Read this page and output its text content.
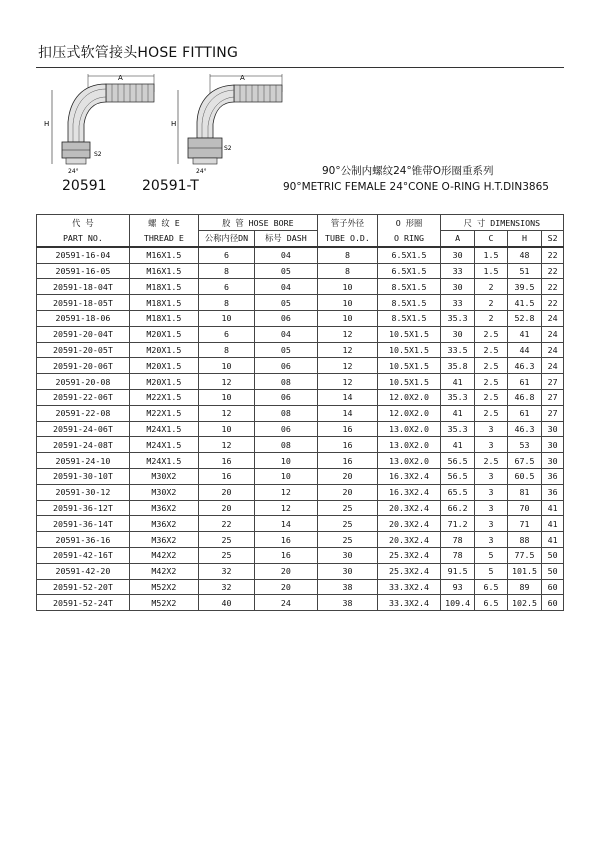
扣压式软管接头HOSE FITTING
A
H
24°
S2
20591
A
H
24°
S2
20591-T
90°公制内螺纹24°锥带O形圈重系列
90°METRIC FEMALE 24°CONE O-RING H.T.DIN3865
代 号	螺 纹 E	胶 管 HOSE BORE		管子外径	O 形圈	尺 寸 DIMENSIONS			
PART NO.	THREAD E	公称内径DN	标号 DASH	TUBE O.D.	O RING	A	C	H	S2
20591-16-04	M16X1.5	6	04	8	6.5X1.5	30	1.5	48	22
20591-16-05	M16X1.5	8	05	8	6.5X1.5	33	1.5	51	22
20591-18-04T	M18X1.5	6	04	10	8.5X1.5	30	2	39.5	22
20591-18-05T	M18X1.5	8	05	10	8.5X1.5	33	2	41.5	22
20591-18-06	M18X1.5	10	06	10	8.5X1.5	35.3	2	52.8	24
20591-20-04T	M20X1.5	6	04	12	10.5X1.5	30	2.5	41	24
20591-20-05T	M20X1.5	8	05	12	10.5X1.5	33.5	2.5	44	24
20591-20-06T	M20X1.5	10	06	12	10.5X1.5	35.8	2.5	46.3	24
20591-20-08	M20X1.5	12	08	12	10.5X1.5	41	2.5	61	27
20591-22-06T	M22X1.5	10	06	14	12.0X2.0	35.3	2.5	46.8	27
20591-22-08	M22X1.5	12	08	14	12.0X2.0	41	2.5	61	27
20591-24-06T	M24X1.5	10	06	16	13.0X2.0	35.3	3	46.3	30
20591-24-08T	M24X1.5	12	08	16	13.0X2.0	41	3	53	30
20591-24-10	M24X1.5	16	10	16	13.0X2.0	56.5	2.5	67.5	30
20591-30-10T	M30X2	16	10	20	16.3X2.4	56.5	3	60.5	36
20591-30-12	M30X2	20	12	20	16.3X2.4	65.5	3	81	36
20591-36-12T	M36X2	20	12	25	20.3X2.4	66.2	3	70	41
20591-36-14T	M36X2	22	14	25	20.3X2.4	71.2	3	71	41
20591-36-16	M36X2	25	16	25	20.3X2.4	78	3	88	41
20591-42-16T	M42X2	25	16	30	25.3X2.4	78	5	77.5	50
20591-42-20	M42X2	32	20	30	25.3X2.4	91.5	5	101.5	50
20591-52-20T	M52X2	32	20	38	33.3X2.4	93	6.5	89	60
20591-52-24T	M52X2	40	24	38	33.3X2.4	109.4	6.5	102.5	60
